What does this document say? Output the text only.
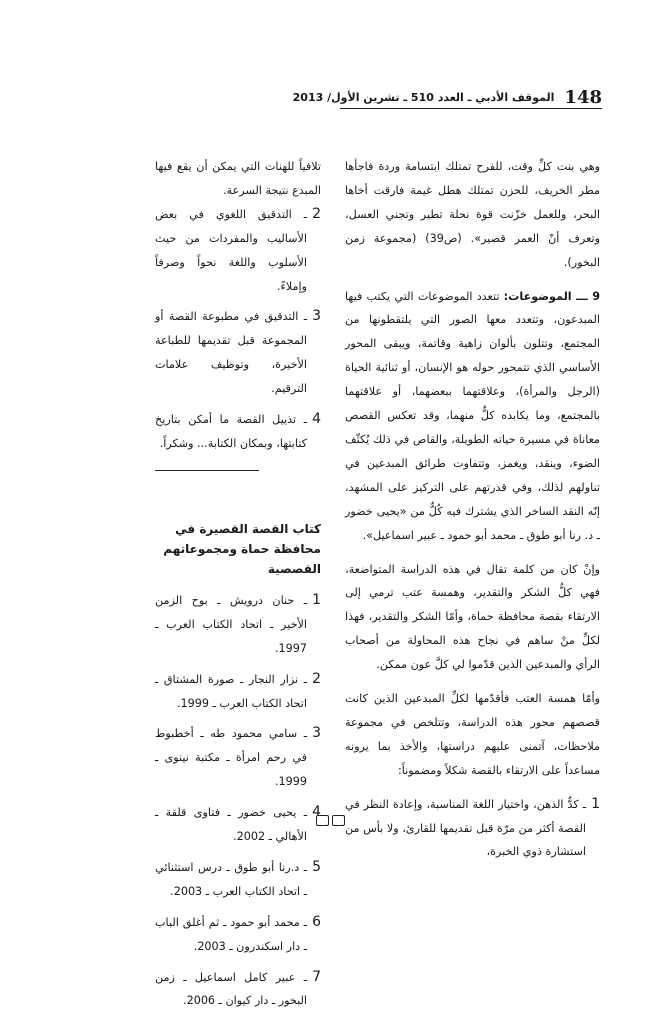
148
الموقف الأدبي ـ العدد 510 ـ تشرين الأول/ 2013

وهي بنت كلِّ وقت، للفرح تمتلك ابتسامة وردة فاجأها مطر الخريف، للحزن تمتلك هطل غيمة فارقت أخاها البحر، وللعمل خزّنت قوة نحلة تطير وتجني العسل، وتعرف أنّ العمر قصير». (ص39) (مجموعة زمن البخور).

9 ـــ الموضوعات: تتعدد الموضوعات التي يكتب فيها المبدعون، وتتعدد معها الصور التي يلتقطونها من المجتمع، وتتلون بألوان زاهية وقاتمة، ويبقى المحور الأساسي الذي تتمحور حوله هو الإنسان، أو ثنائية الحياة (الرجل والمرأة)، وعلاقتهما ببعضهما، أو علاقتهما بالمجتمع، وما يكابده كلٌّ منهما، وقد تعكس القصص معاناة في مسيرة حياته الطويلة، والقاص في ذلك يُكثّف الضوء، وينقد، ويغمز، وتتفاوت طرائق المبدعين في تناولهم لذلك، وفي قدرتهم على التركيز على المشهد، إنّه النقد الساخر الذي يشترك فيه كُلٌّ من «يحيى خضور ـ د. رنا أبو طوق ـ محمد أبو حمود ـ عبير اسماعيل».

وإنْ كان من كلمة تقال في هذه الدراسة المتواضعة، فهي كلُّ الشكر والتقدير، وهمسة عتب ترمي إلى الارتقاء بقصة محافظة حماة، وأمّا الشكر والتقدير، فهذا لكلِّ منْ ساهم في نجاح هذه المحاولة من أصحاب الرأي والمبدعين الذين قدّموا لي كلَّ عون ممكن.

وأمّا همسة العتب فأقدّمها لكلِّ المبدعين الذين كانت قصصهم محور هذه الدراسة، وتتلخص في مجموعة ملاحظات، آتمنى عليهم دراستها، والأخذ بما يرونه مساعداً على الارتقاء بالقصة شكلاً ومضموناً:

1
ـ كدُّ الذهن، واختيار اللغة المناسبة، وإعادة النظر في القصة أكثر من مرّة قبل تقديمها للقارئ، ولا بأس من استشارة ذوي الخبرة،

تلافياً للهنات التي يمكن أن يقع فيها المبدع نتيجة السرعة.

2
ـ التدقيق اللغوي في بعض الأساليب والمفردات من حيث الأسلوب واللغة نحواً وصرفاً وإملاءً.
3
ـ التدقيق في مطبوعة القصة أو المجموعة قبل تقديمها للطباعة الأخيرة، وتوظيف علامات الترقيم.
4
ـ تذييل القصة ما أمكن بتاريخ كتابتها، وبمكان الكتابة... وشكراً.
كتاب القصة القصيرة في محافظة حماة ومجموعاتهم القصصية
1
ـ حنان درويش ـ بوح الزمن الأخير ـ اتحاد الكتاب العرب ـ 1997.
2
ـ نزار النجار ـ صورة المشتاق ـ اتحاد الكتاب العرب ـ 1999.
3
ـ سامي محمود طه ـ أخطبوط في رحم امرأة ـ مكتبة نينوى ـ 1999.
4
ـ يحيى خضور ـ فتاوى قلقة ـ الأهالي ـ 2002.
5
ـ د.رنا أبو طوق ـ درس استثنائي ـ اتحاد الكتاب العرب ـ 2003.
6
ـ محمد أبو حمود ـ ثم أغلق الباب ـ دار اسكندرون ـ 2003.
7
ـ عبير كامل اسماعيل ـ زمن البخور ـ دار كيوان ـ 2006.
